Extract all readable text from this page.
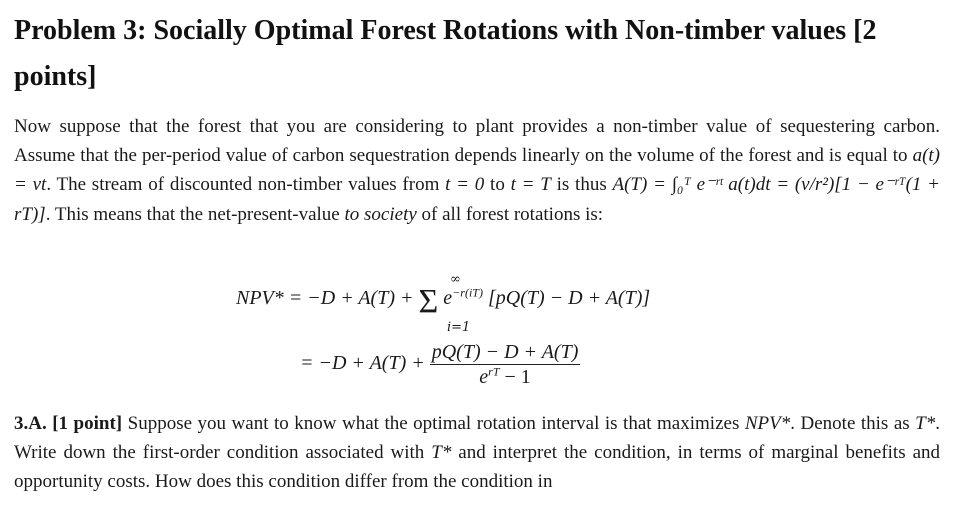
Problem 3: Socially Optimal Forest Rotations with Non-timber values [2 points]
Now suppose that the forest that you are considering to plant provides a non-timber value of sequestering carbon. Assume that the per-period value of carbon sequestration depends linearly on the volume of the forest and is equal to a(t) = vt. The stream of discounted non-timber values from t = 0 to t = T is thus A(T) = ∫₀ᵀ e⁻ʳᵗ a(t)dt = (v/r²)[1 − e⁻ʳᵀ(1 + rT)]. This means that the net-present-value to society of all forest rotations is:
NPV* = −D + A(T) + Σ $e^{-r(iT)}$ [pQ(T) − D + A(T)]
∞
i=1
= $-D + A(T) + \frac{pQ(T) - D + A(T)}{e^{rT} - 1}$
3.A. [1 point] Suppose you want to know what the optimal rotation interval is that maximizes NPV*. Denote this as T*. Write down the first-order condition associated with T* and interpret the condition, in terms of marginal benefits and opportunity costs. How does this condition differ from the condition in
